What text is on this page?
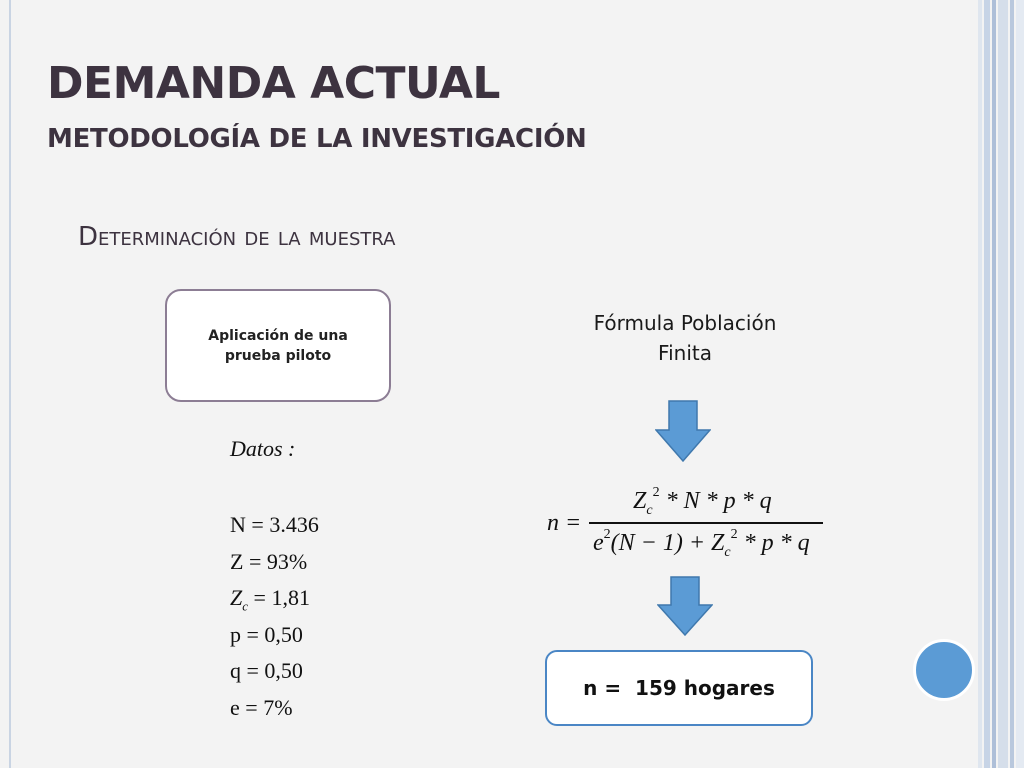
DEMANDA ACTUAL
METODOLOGÍA DE LA INVESTIGACIÓN
Determinación de la muestra
Aplicación de una prueba piloto
Fórmula Población
Finita
Datos :
N = 3.436
Z = 93%
$Z_c = 1,81$
p = 0,50
q = 0,50
e = 7%
n =
$Z_c^2$ * N * p * q
$e^2(N - 1) + Z_c^2 * p * q$
n =  159 hogares
